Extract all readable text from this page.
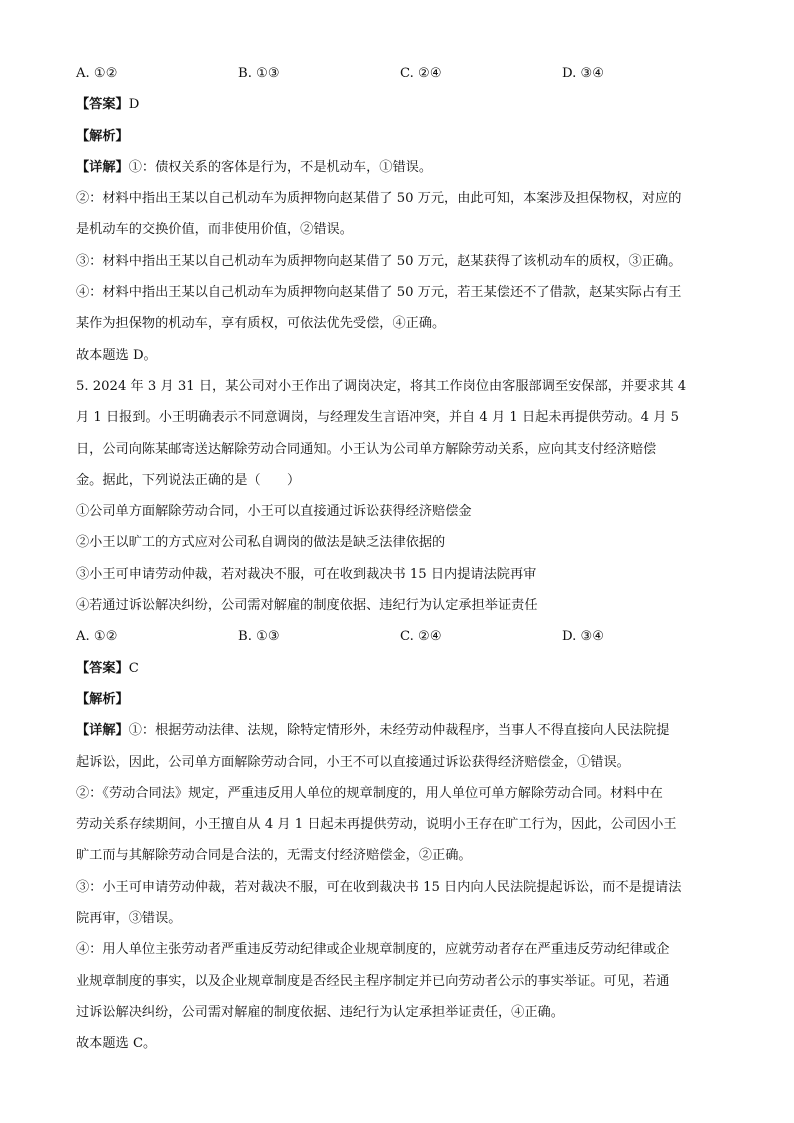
A. ①②	B. ①③	C. ②④	D. ③④
【答案】D
【解析】
【详解】①：债权关系的客体是行为，不是机动车，①错误。
②：材料中指出王某以自己机动车为质押物向赵某借了 50 万元，由此可知，本案涉及担保物权，对应的
是机动车的交换价值，而非使用价值，②错误。
③：材料中指出王某以自己机动车为质押物向赵某借了 50 万元，赵某获得了该机动车的质权，③正确。
④：材料中指出王某以自己机动车为质押物向赵某借了 50 万元，若王某偿还不了借款，赵某实际占有王
某作为担保物的机动车，享有质权，可依法优先受偿，④正确。
故本题选 D。
5. 2024 年 3 月 31 日，某公司对小王作出了调岗决定，将其工作岗位由客服部调至安保部，并要求其 4
月 1 日报到。小王明确表示不同意调岗，与经理发生言语冲突，并自 4 月 1 日起未再提供劳动。4 月 5
日，公司向陈某邮寄送达解除劳动合同通知。小王认为公司单方解除劳动关系，应向其支付经济赔偿
金。据此，下列说法正确的是（　　）
①公司单方面解除劳动合同，小王可以直接通过诉讼获得经济赔偿金
②小王以旷工的方式应对公司私自调岗的做法是缺乏法律依据的
③小王可申请劳动仲裁，若对裁决不服，可在收到裁决书 15 日内提请法院再审
④若通过诉讼解决纠纷，公司需对解雇的制度依据、违纪行为认定承担举证责任
A. ①②	B. ①③	C. ②④	D. ③④
【答案】C
【解析】
【详解】①：根据劳动法律、法规，除特定情形外，未经劳动仲裁程序，当事人不得直接向人民法院提
起诉讼，因此，公司单方面解除劳动合同，小王不可以直接通过诉讼获得经济赔偿金，①错误。
②：《劳动合同法》规定，严重违反用人单位的规章制度的，用人单位可单方解除劳动合同。材料中在
劳动关系存续期间，小王擅自从 4 月 1 日起未再提供劳动，说明小王存在旷工行为，因此，公司因小王
旷工而与其解除劳动合同是合法的，无需支付经济赔偿金，②正确。
③：小王可申请劳动仲裁，若对裁决不服，可在收到裁决书 15 日内向人民法院提起诉讼，而不是提请法
院再审，③错误。
④：用人单位主张劳动者严重违反劳动纪律或企业规章制度的，应就劳动者存在严重违反劳动纪律或企
业规章制度的事实，以及企业规章制度是否经民主程序制定并已向劳动者公示的事实举证。可见，若通
过诉讼解决纠纷，公司需对解雇的制度依据、违纪行为认定承担举证责任，④正确。
故本题选 C。
